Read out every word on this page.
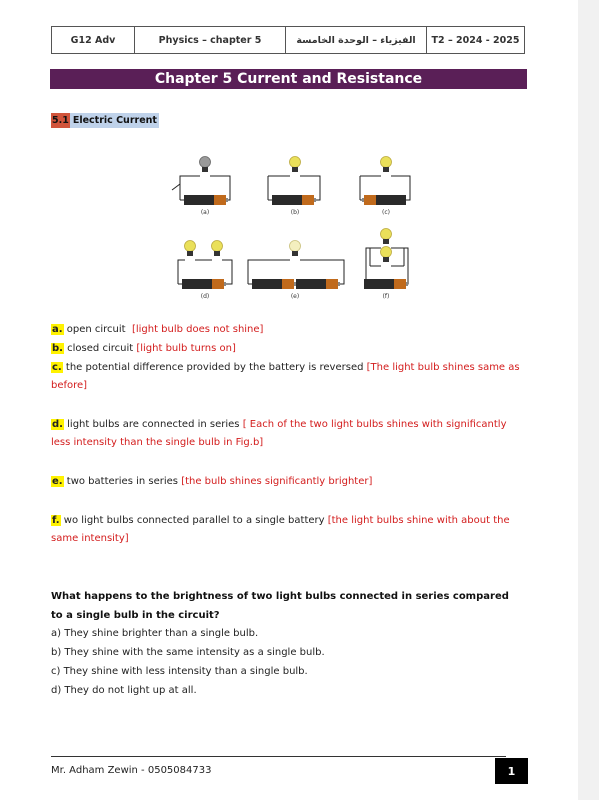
G12 Adv	Physics – chapter 5	الفيزياء – الوحدة الخامسة	T2 – 2024 - 2025
Chapter 5 Current and Resistance
5.1 Electric Current
(a)	(b)	(c)
(d)	(e)	(f)
a. open circuit [light bulb does not shine]
b. closed circuit [light bulb turns on]
c. the potential difference provided by the battery is reversed [The light bulb shines same as before]
d. light bulbs are connected in series [ Each of the two light bulbs shines with significantly less intensity than the single bulb in Fig.b]
e. two batteries in series [the bulb shines significantly brighter]
f. wo light bulbs connected parallel to a single battery [the light bulbs shine with about the same intensity]
What happens to the brightness of two light bulbs connected in series compared to a single bulb in the circuit?
a) They shine brighter than a single bulb.
b) They shine with the same intensity as a single bulb.
c) They shine with less intensity than a single bulb.
d) They do not light up at all.
Mr. Adham Zewin - 0505084733	1
